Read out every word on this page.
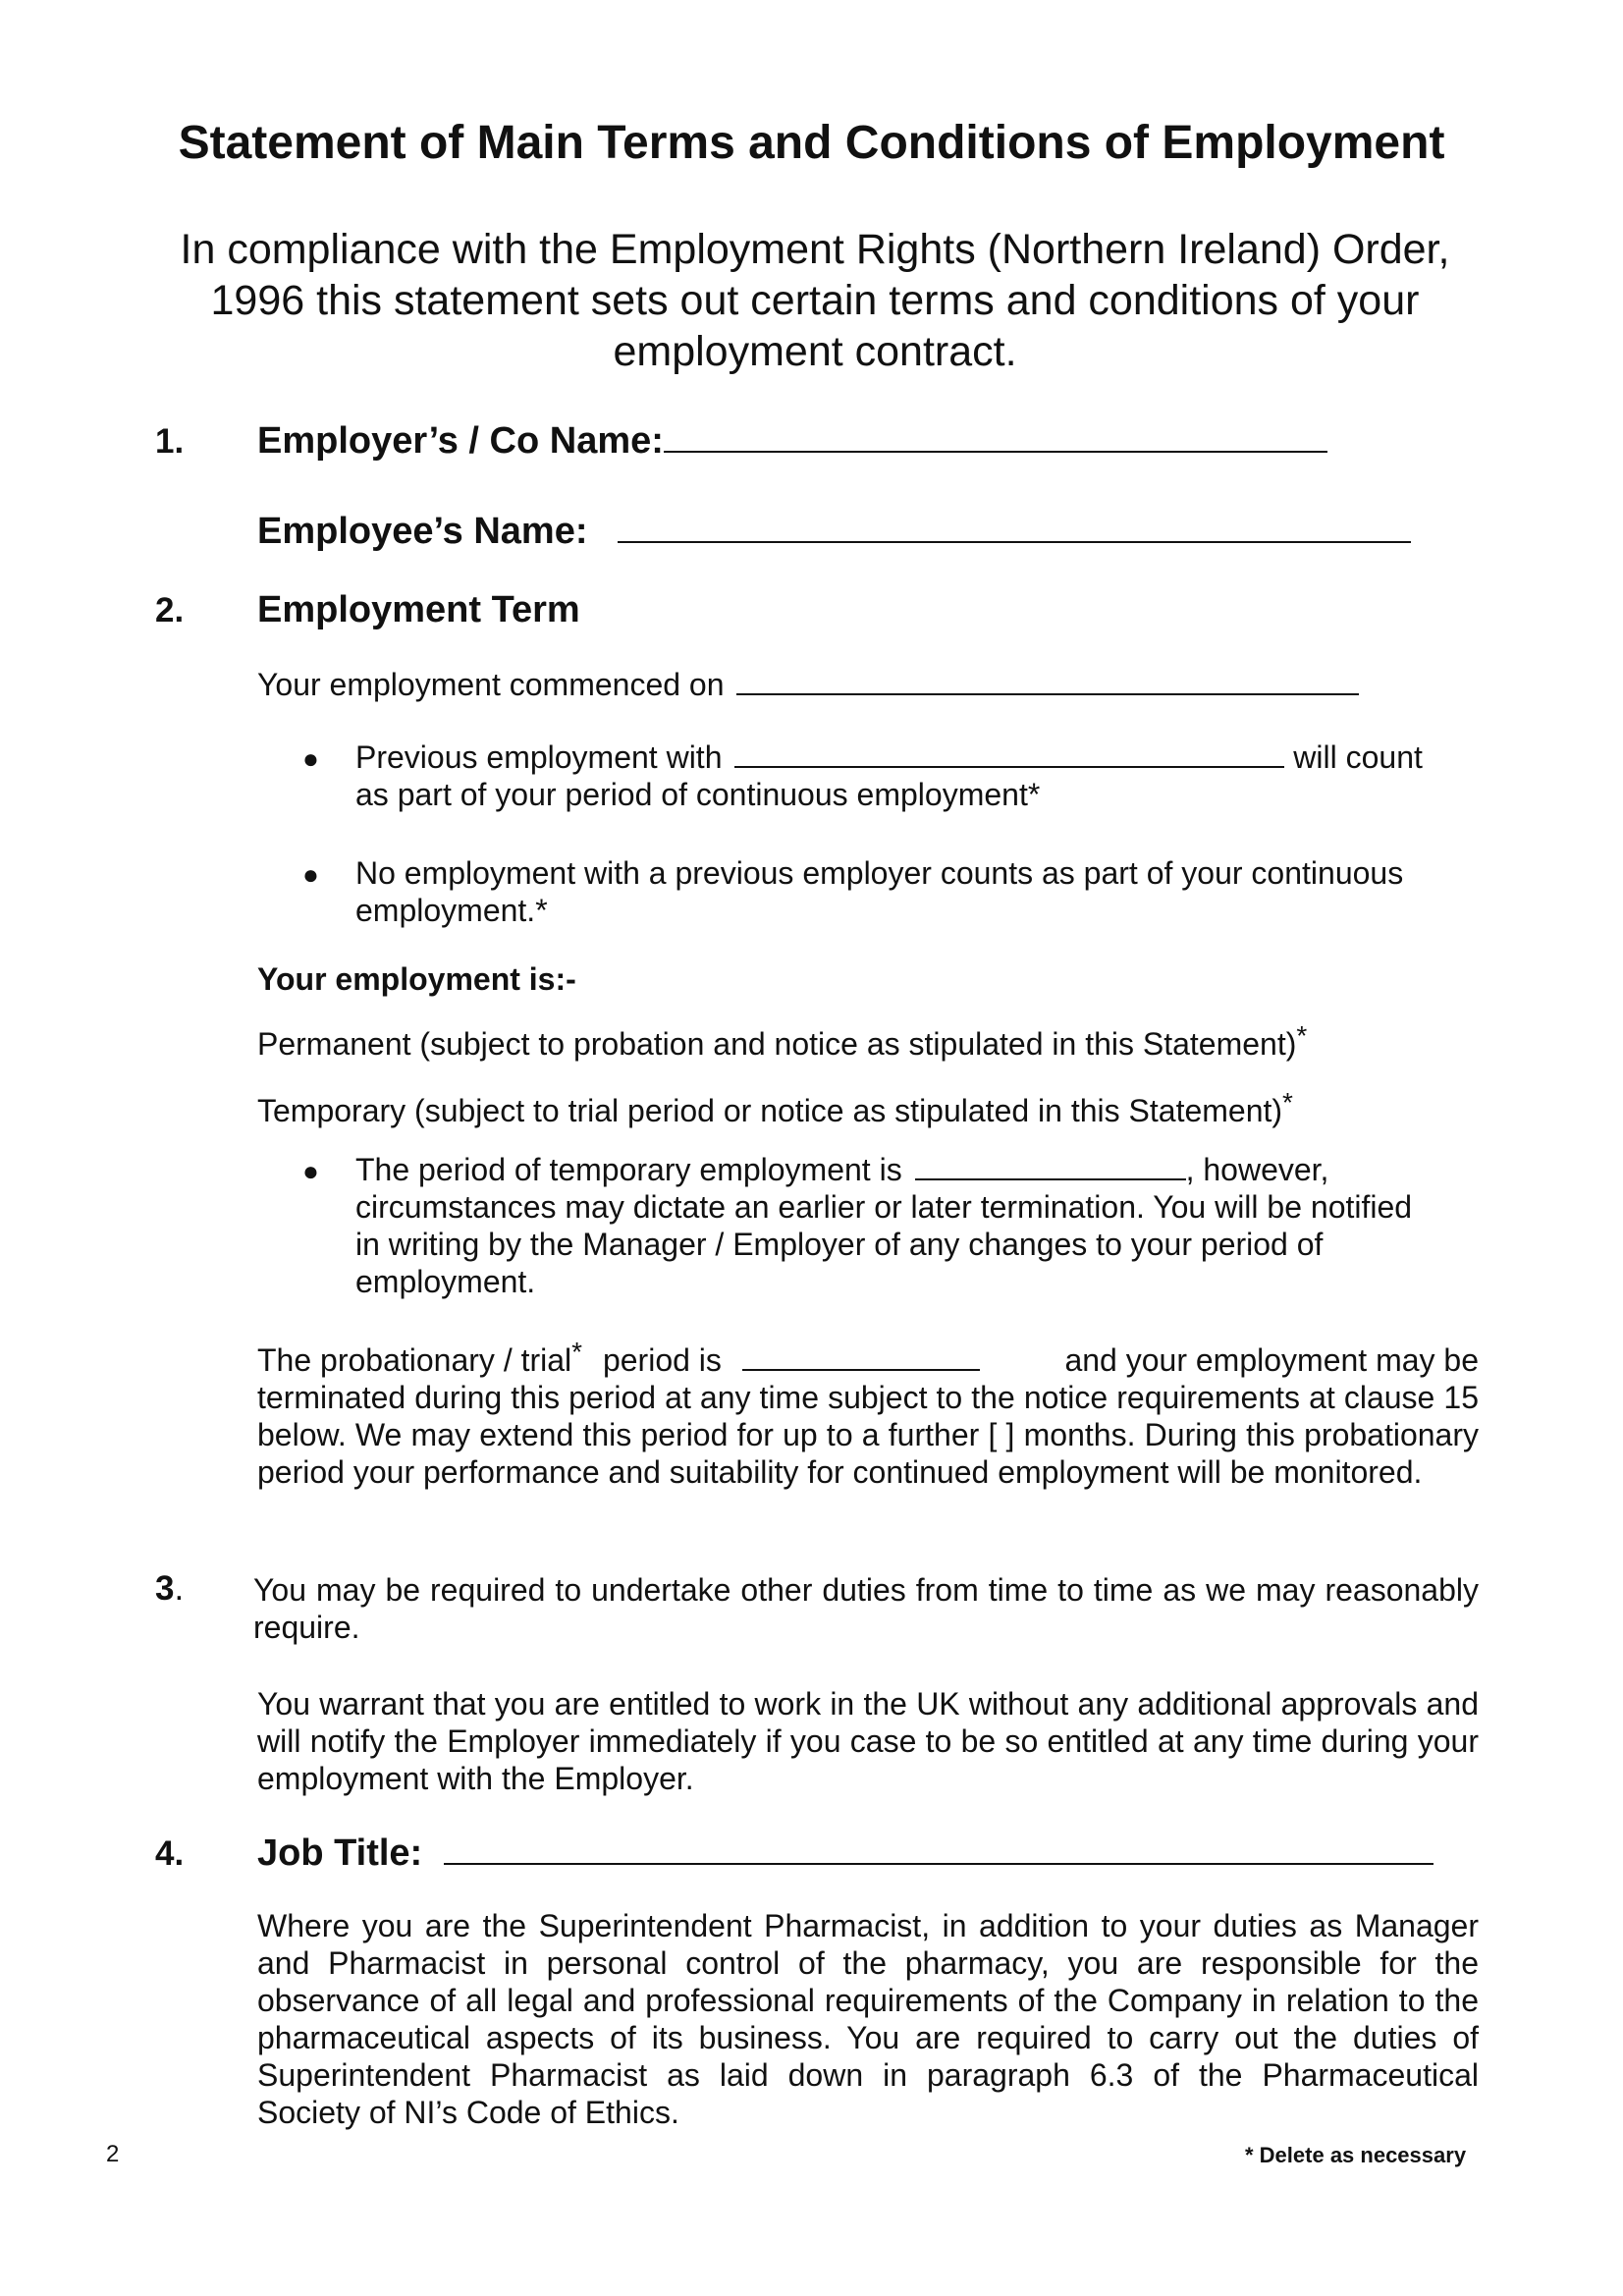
Statement of Main Terms and Conditions of Employment
In compliance with the Employment Rights (Northern Ireland) Order, 1996 this statement sets out certain terms and conditions of your employment contract.
1. Employer’s / Co Name:
Employee’s Name:
2. Employment Term
Your employment commenced on
● Previous employment with	will count
as part of your period of continuous employment*
● No employment with a previous employer counts as part of your continuous
employment.*
Your employment is:-
Permanent (subject to probation and notice as stipulated in this Statement)*
Temporary (subject to trial period or notice as stipulated in this Statement)*
● The period of temporary employment is	, however,
circumstances may dictate an earlier or later termination. You will be notified
in writing by the Manager / Employer of any changes to your period of
employment.
The probationary / trial* period is	and your employment may be
terminated during this period at any time subject to the notice requirements at clause 15 below. We may extend this period for up to a further [ ] months. During this probationary period your performance and suitability for continued employment will be monitored.
3. You may be required to undertake other duties from time to time as we may reasonably require.
You warrant that you are entitled to work in the UK without any additional approvals and will notify the Employer immediately if you case to be so entitled at any time during your employment with the Employer.
4. Job Title:
Where you are the Superintendent Pharmacist, in addition to your duties as Manager and Pharmacist in personal control of the pharmacy, you are responsible for the observance of all legal and professional requirements of the Company in relation to the pharmaceutical aspects of its business. You are required to carry out the duties of Superintendent Pharmacist as laid down in paragraph 6.3 of the Pharmaceutical Society of NI’s Code of Ethics.
2	* Delete as necessary
